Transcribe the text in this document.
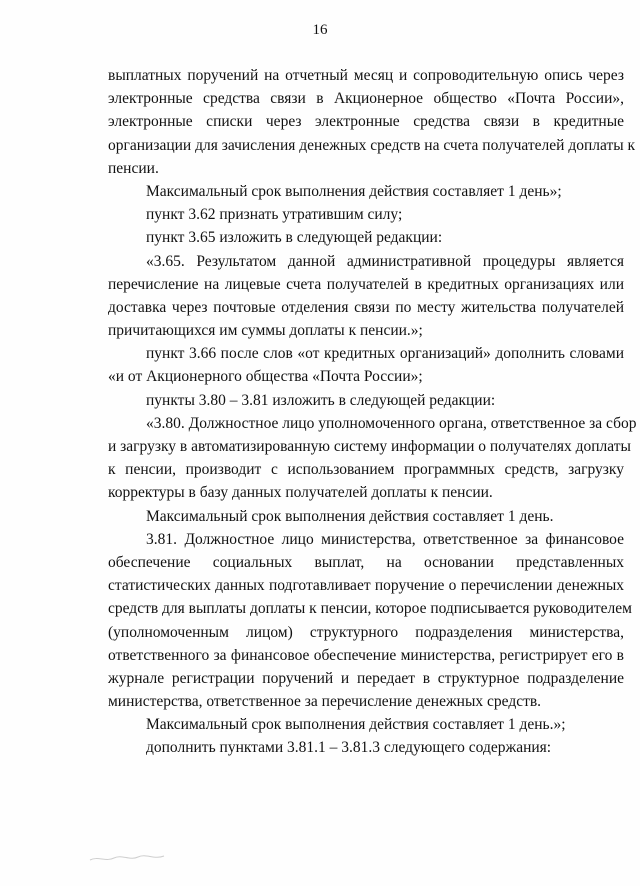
16
выплатных поручений на отчетный месяц и сопроводительную опись через
электронные средства связи в Акционерное общество «Почта России»,
электронные списки через электронные средства связи в кредитные
организации для зачисления денежных средств на счета получателей доплаты к
пенсии.
Максимальный срок выполнения действия составляет 1 день»;
пункт 3.62 признать утратившим силу;
пункт 3.65 изложить в следующей редакции:
«3.65. Результатом данной административной процедуры является
перечисление на лицевые счета получателей в кредитных организациях или
доставка через почтовые отделения связи по месту жительства получателей
причитающихся им суммы доплаты к пенсии.»;
пункт 3.66 после слов «от кредитных организаций» дополнить словами
«и от Акционерного общества «Почта России»;
пункты 3.80 – 3.81 изложить в следующей редакции:
«3.80. Должностное лицо уполномоченного органа, ответственное за сбор
и загрузку в автоматизированную систему информации о получателях доплаты
к пенсии, производит с использованием программных средств, загрузку
корректуры в базу данных получателей доплаты к пенсии.
Максимальный срок выполнения действия составляет 1 день.
3.81. Должностное лицо министерства, ответственное за финансовое
обеспечение социальных выплат, на основании представленных
статистических данных подготавливает поручение о перечислении денежных
средств для выплаты доплаты к пенсии, которое подписывается руководителем
(уполномоченным лицом) структурного подразделения министерства,
ответственного за финансовое обеспечение министерства, регистрирует его в
журнале регистрации поручений и передает в структурное подразделение
министерства, ответственное за перечисление денежных средств.
Максимальный срок выполнения действия составляет 1 день.»;
дополнить пунктами 3.81.1 – 3.81.3 следующего содержания:
